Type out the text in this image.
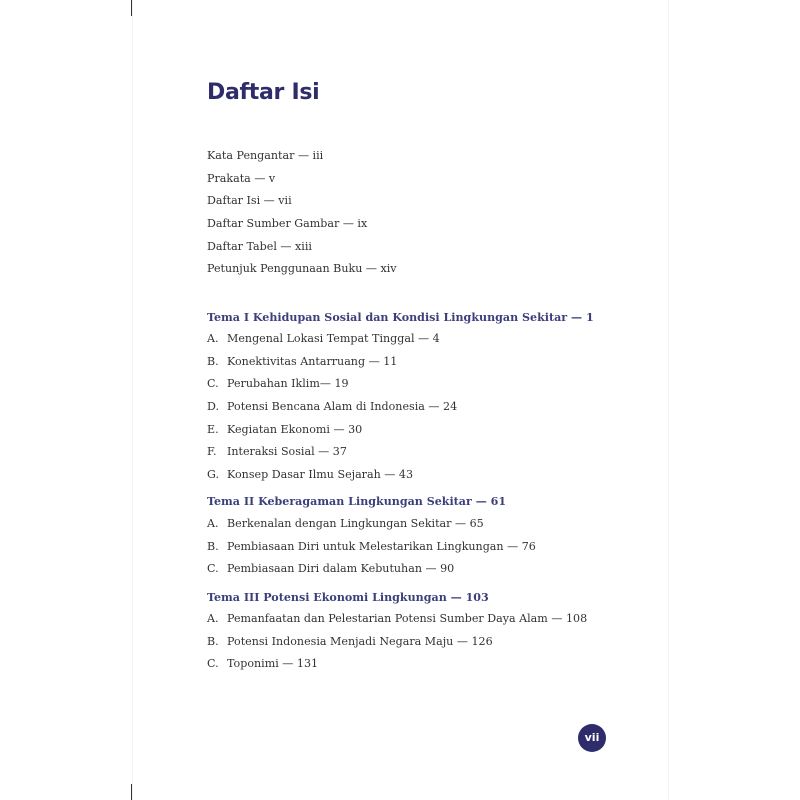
Daftar Isi
Kata Pengantar — iii
Prakata — v
Daftar Isi — vii
Daftar Sumber Gambar — ix
Daftar Tabel — xiii
Petunjuk Penggunaan Buku — xiv

Tema I Kehidupan Sosial dan Kondisi Lingkungan Sekitar — 1

A. Mengenal Lokasi Tempat Tinggal — 4
B. Konektivitas Antarruang — 11
C. Perubahan Iklim— 19
D. Potensi Bencana Alam di Indonesia — 24
E. Kegiatan Ekonomi — 30
F. Interaksi Sosial — 37
G. Konsep Dasar Ilmu Sejarah — 43

Tema II Keberagaman Lingkungan Sekitar — 61

A. Berkenalan dengan Lingkungan Sekitar — 65
B. Pembiasaan Diri untuk Melestarikan Lingkungan — 76
C. Pembiasaan Diri dalam Kebutuhan — 90

Tema III Potensi Ekonomi Lingkungan — 103

A. Pemanfaatan dan Pelestarian Potensi Sumber Daya Alam — 108
B. Potensi Indonesia Menjadi Negara Maju — 126
C. Toponimi — 131
vii
